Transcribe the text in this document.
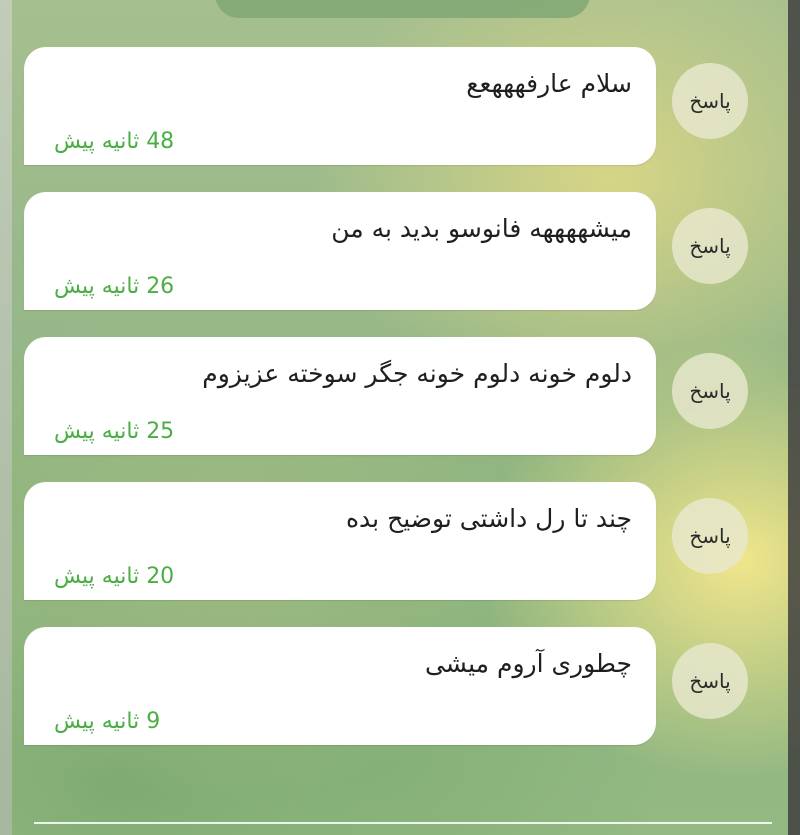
سلام عارفهههعع
48 ثانیه پیش
پاسخ
میشههههه فانوسو بدید به من
26 ثانیه پیش
پاسخ
دلوم خونه دلوم خونه جگر سوخته عزیزوم
25 ثانیه پیش
پاسخ
چند تا رل داشتی توضیح بده
20 ثانیه پیش
پاسخ
چطوری آروم میشی
9 ثانیه پیش
پاسخ
